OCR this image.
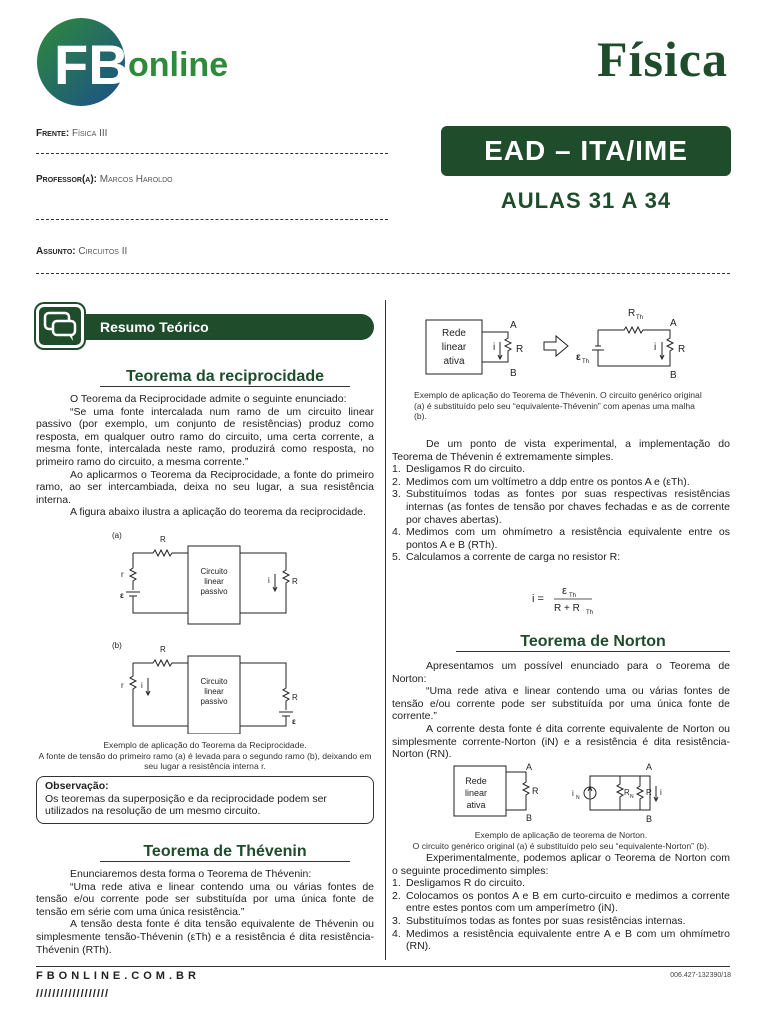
FB online	Física
Frente: Física III
Professor(a): Marcos Haroldo
Assunto: Circuitos II
EAD – ITA/IME
AULAS 31 A 34
Resumo Teórico
Teorema da reciprocidade

O Teorema da Reciprocidade admite o seguinte enunciado:

“Se uma fonte intercalada num ramo de um circuito linear passivo (por exemplo, um conjunto de resistências) produz como resposta, em qualquer outro ramo do circuito, uma certa corrente, a mesma fonte, intercalada neste ramo, produzirá como resposta, no primeiro ramo do circuito, a mesma corrente.”

Ao aplicarmos o Teorema da Reciprocidade, a fonte do primeiro ramo, ao ser intercambiada, deixa no seu lugar, a sua resistência interna.

A figura abaixo ilustra a aplicação do teorema da reciprocidade.

(a)	R
r
ε
Circuito
linear
passivo
R
i
(b)	R
r i	Circuito
linear
passivo	R
ε
Exemplo de aplicação do Teorema da Reciprocidade.
A fonte de tensão do primeiro ramo (a) é levada para o segundo ramo (b), deixando em seu lugar a resistência interna r.
Observação:
Os teoremas da superposição e da reciprocidade podem ser utilizados na resolução de um mesmo circuito.
Teorema de Thévenin

Enunciaremos desta forma o Teorema de Thévenin:

“Uma rede ativa e linear contendo uma ou várias fontes de tensão e/ou corrente pode ser substituída por uma única fonte de tensão em série com uma única resistência.”

A tensão desta fonte é dita tensão equivalente de Thévenin ou simplesmente tensão-Thévenin (εTh) e a resistência é dita resistência-Thévenin (RTh).

Rede
linear
ativa
A
B
R
i
R Th
ε Th
A
B
R
i
Exemplo de aplicação do Teorema de Thévenin. O circuito genérico original (a) é substituído pelo seu “equivalente-Thévenin” com apenas uma malha (b).

De um ponto de vista experimental, a implementação do Teorema de Thévenin é extremamente simples.

1. Desligamos R do circuito.
2. Medimos com um voltímetro a ddp entre os pontos A e (εTh).
3. Substituímos todas as fontes por suas respectivas resistências internas (as fontes de tensão por chaves fechadas e as de corrente por chaves abertas).
4. Medimos com um ohmímetro a resistência equivalente entre os pontos A e B (RTh).
5. Calculamos a corrente de carga no resistor R:
i =
ε Th
R + R Th
Teorema de Norton

Apresentamos um possível enunciado para o Teorema de Norton:

“Uma rede ativa e linear contendo uma ou várias fontes de tensão e/ou corrente pode ser substituída por uma única fonte de corrente.”

A corrente desta fonte é dita corrente equivalente de Norton ou simplesmente corrente-Norton (iN) e a resistência é dita resistência-Norton (RN).

Rede
linear
ativa
A
B
R	i N
R N
A
B
R i
Exemplo de aplicação de teorema de Norton.
O circuito genérico original (a) é substituído pelo seu “equivalente-Norton” (b).

Experimentalmente, podemos aplicar o Teorema de Norton com o seguinte procedimento simples:

1. Desligamos R do circuito.
2. Colocamos os pontos A e B em curto-circuito e medimos a corrente entre estes pontos com um amperímetro (iN).
3. Substituímos todas as fontes por suas resistências internas.
4. Medimos a resistência equivalente entre A e B com um ohmímetro (RN).
FBONLINE.COM.BR
//////////////////
006.427-132390/18
